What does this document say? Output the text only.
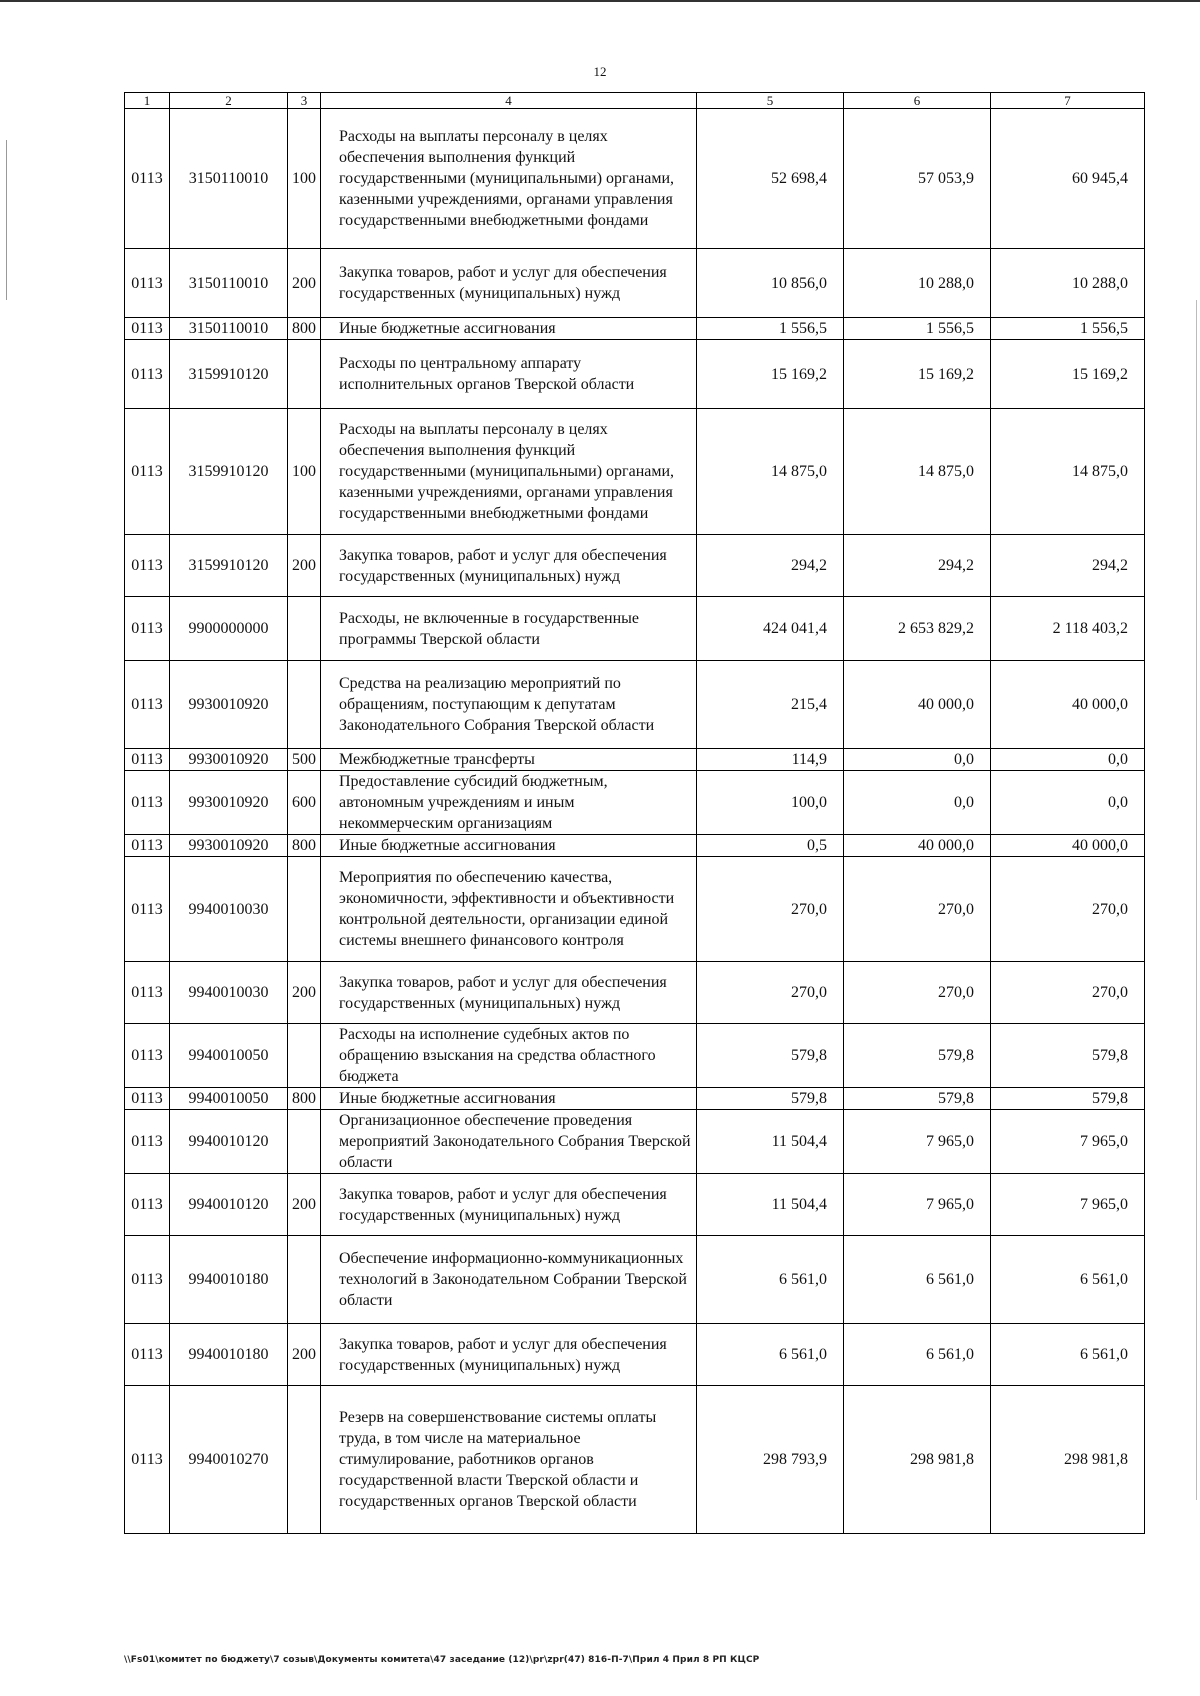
12
1	2	3	4	5	6	7
0113	3150110010	100	Расходы на выплаты персоналу в целях обеспечения выполнения функций государственными (муниципальными) органами, казенными учреждениями, органами управления государственными внебюджетными фондами	52 698,4	57 053,9	60 945,4
0113	3150110010	200	Закупка товаров, работ и услуг для обеспечения государственных (муниципальных) нужд	10 856,0	10 288,0	10 288,0
0113	3150110010	800	Иные бюджетные ассигнования	1 556,5	1 556,5	1 556,5
0113	3159910120		Расходы по центральному аппарату исполнительных органов Тверской области	15 169,2	15 169,2	15 169,2
0113	3159910120	100	Расходы на выплаты персоналу в целях обеспечения выполнения функций государственными (муниципальными) органами, казенными учреждениями, органами управления государственными внебюджетными фондами	14 875,0	14 875,0	14 875,0
0113	3159910120	200	Закупка товаров, работ и услуг для обеспечения государственных (муниципальных) нужд	294,2	294,2	294,2
0113	9900000000		Расходы, не включенные в государственные программы Тверской области	424 041,4	2 653 829,2	2 118 403,2
0113	9930010920		Средства на реализацию мероприятий по обращениям, поступающим к депутатам Законодательного Собрания Тверской области	215,4	40 000,0	40 000,0
0113	9930010920	500	Межбюджетные трансферты	114,9	0,0	0,0
0113	9930010920	600	Предоставление субсидий бюджетным, автономным учреждениям и иным некоммерческим организациям	100,0	0,0	0,0
0113	9930010920	800	Иные бюджетные ассигнования	0,5	40 000,0	40 000,0
0113	9940010030		Мероприятия по обеспечению качества, экономичности, эффективности и объективности контрольной деятельности, организации единой системы внешнего финансового контроля	270,0	270,0	270,0
0113	9940010030	200	Закупка товаров, работ и услуг для обеспечения государственных (муниципальных) нужд	270,0	270,0	270,0
0113	9940010050		Расходы на исполнение судебных актов по обращению взыскания на средства областного бюджета	579,8	579,8	579,8
0113	9940010050	800	Иные бюджетные ассигнования	579,8	579,8	579,8
0113	9940010120		Организационное обеспечение проведения мероприятий Законодательного Собрания Тверской области	11 504,4	7 965,0	7 965,0
0113	9940010120	200	Закупка товаров, работ и услуг для обеспечения государственных (муниципальных) нужд	11 504,4	7 965,0	7 965,0
0113	9940010180		Обеспечение информационно-коммуникационных технологий в Законодательном Собрании Тверской области	6 561,0	6 561,0	6 561,0
0113	9940010180	200	Закупка товаров, работ и услуг для обеспечения государственных (муниципальных) нужд	6 561,0	6 561,0	6 561,0
0113	9940010270		Резерв на совершенствование системы оплаты труда, в том числе на материальное стимулирование, работников органов государственной власти Тверской области и государственных органов Тверской области	298 793,9	298 981,8	298 981,8
\\Fs01\комитет по бюджету\7 созыв\Документы комитета\47 заседание (12)\pr\zpr(47) 816-П-7\Прил 4 Прил 8 РП КЦСР
